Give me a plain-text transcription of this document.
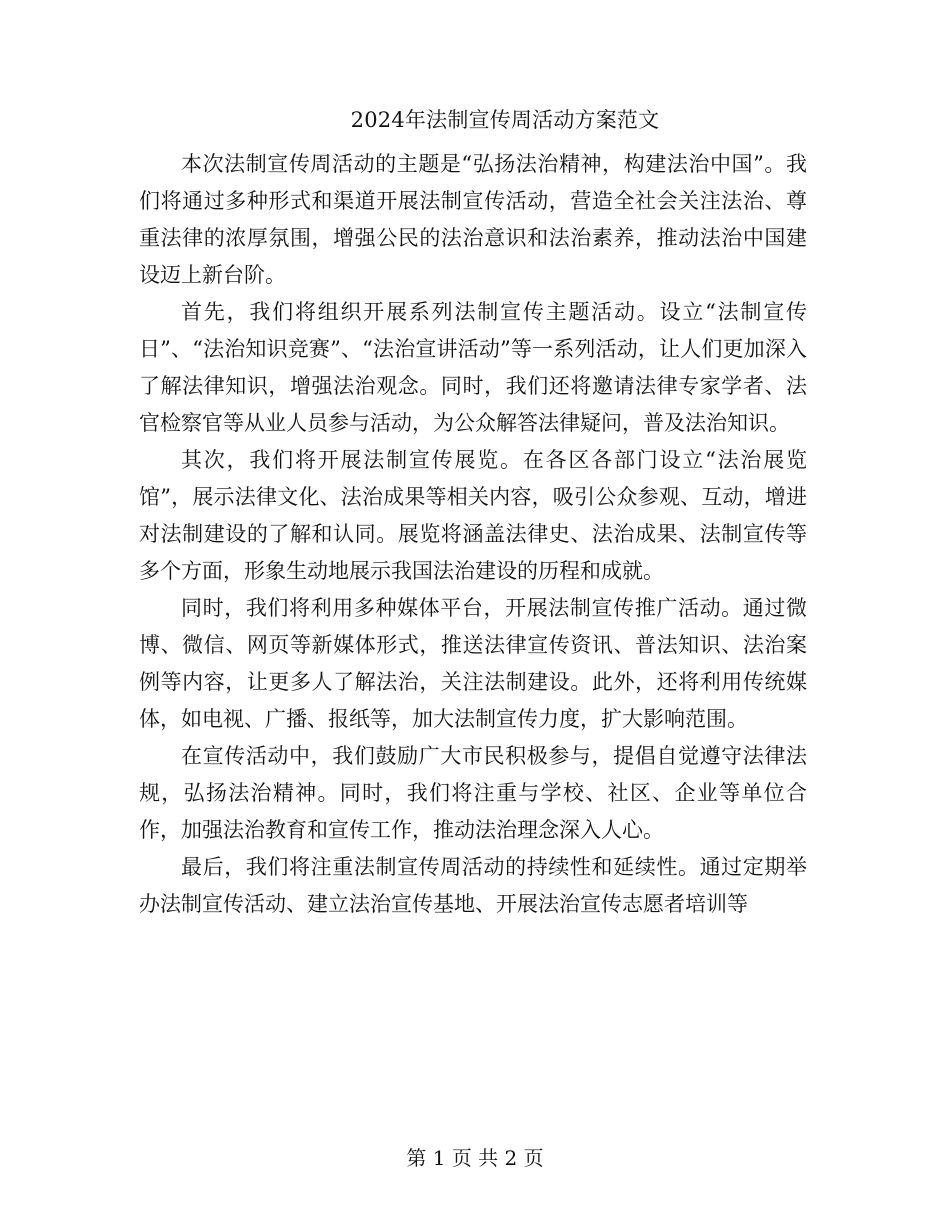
2024年法制宣传周活动方案范文

本次法制宣传周活动的主题是“弘扬法治精神，构建法治中国”。我们将通过多种形式和渠道开展法制宣传活动，营造全社会关注法治、尊重法律的浓厚氛围，增强公民的法治意识和法治素养，推动法治中国建设迈上新台阶。

首先，我们将组织开展系列法制宣传主题活动。设立“法制宣传日”、“法治知识竞赛”、“法治宣讲活动”等一系列活动，让人们更加深入了解法律知识，增强法治观念。同时，我们还将邀请法律专家学者、法官检察官等从业人员参与活动，为公众解答法律疑问，普及法治知识。

其次，我们将开展法制宣传展览。在各区各部门设立“法治展览馆”，展示法律文化、法治成果等相关内容，吸引公众参观、互动，增进对法制建设的了解和认同。展览将涵盖法律史、法治成果、法制宣传等多个方面，形象生动地展示我国法治建设的历程和成就。

同时，我们将利用多种媒体平台，开展法制宣传推广活动。通过微博、微信、网页等新媒体形式，推送法律宣传资讯、普法知识、法治案例等内容，让更多人了解法治，关注法制建设。此外，还将利用传统媒体，如电视、广播、报纸等，加大法制宣传力度，扩大影响范围。

在宣传活动中，我们鼓励广大市民积极参与，提倡自觉遵守法律法规，弘扬法治精神。同时，我们将注重与学校、社区、企业等单位合作，加强法治教育和宣传工作，推动法治理念深入人心。

最后，我们将注重法制宣传周活动的持续性和延续性。通过定期举办法制宣传活动、建立法治宣传基地、开展法治宣传志愿者培训等

第 1 页 共 2 页
